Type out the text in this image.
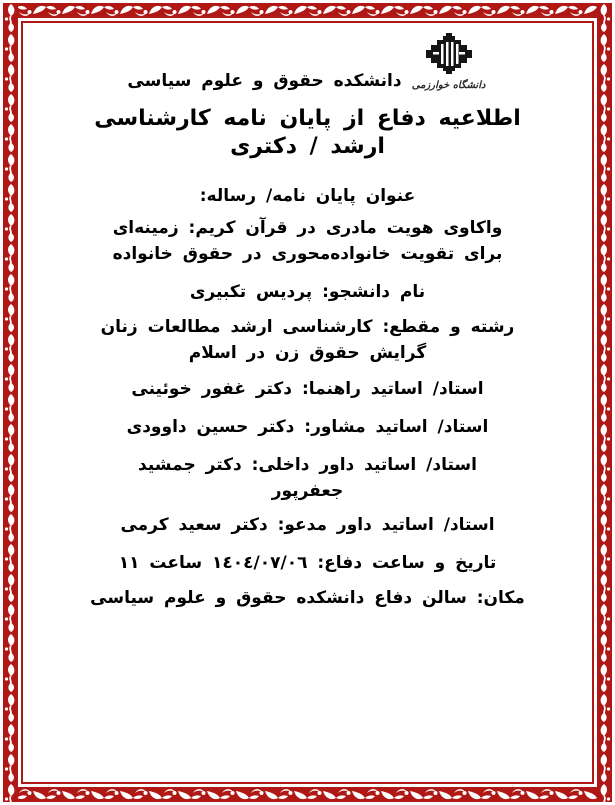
دانشگاه خوارزمی
دانشکده حقوق و علوم سیاسی
اطلاعیه دفاع از پایان نامه کارشناسی
ارشد / دکتری
عنوان پایان نامه/ رساله:
واکاوی هویت مادری در قرآن کریم: زمینه‌ای
برای تقویت خانواده‌محوری در حقوق خانواده
نام دانشجو: پردیس تکبیری
رشته و مقطع: کارشناسی ارشد مطالعات زنان
گرایش حقوق زن در اسلام
استاد/ اساتید راهنما: دکتر غفور خوئینی
استاد/ اساتید مشاور: دکتر حسین داوودی
استاد/ اساتید داور داخلی: دکتر جمشید
جعفرپور
استاد/ اساتید داور مدعو: دکتر سعید کرمی
تاریخ و ساعت دفاع: ١٤٠٤/٠٧/٠٦ ساعت ١١
مکان: سالن دفاع دانشکده حقوق و علوم سیاسی
